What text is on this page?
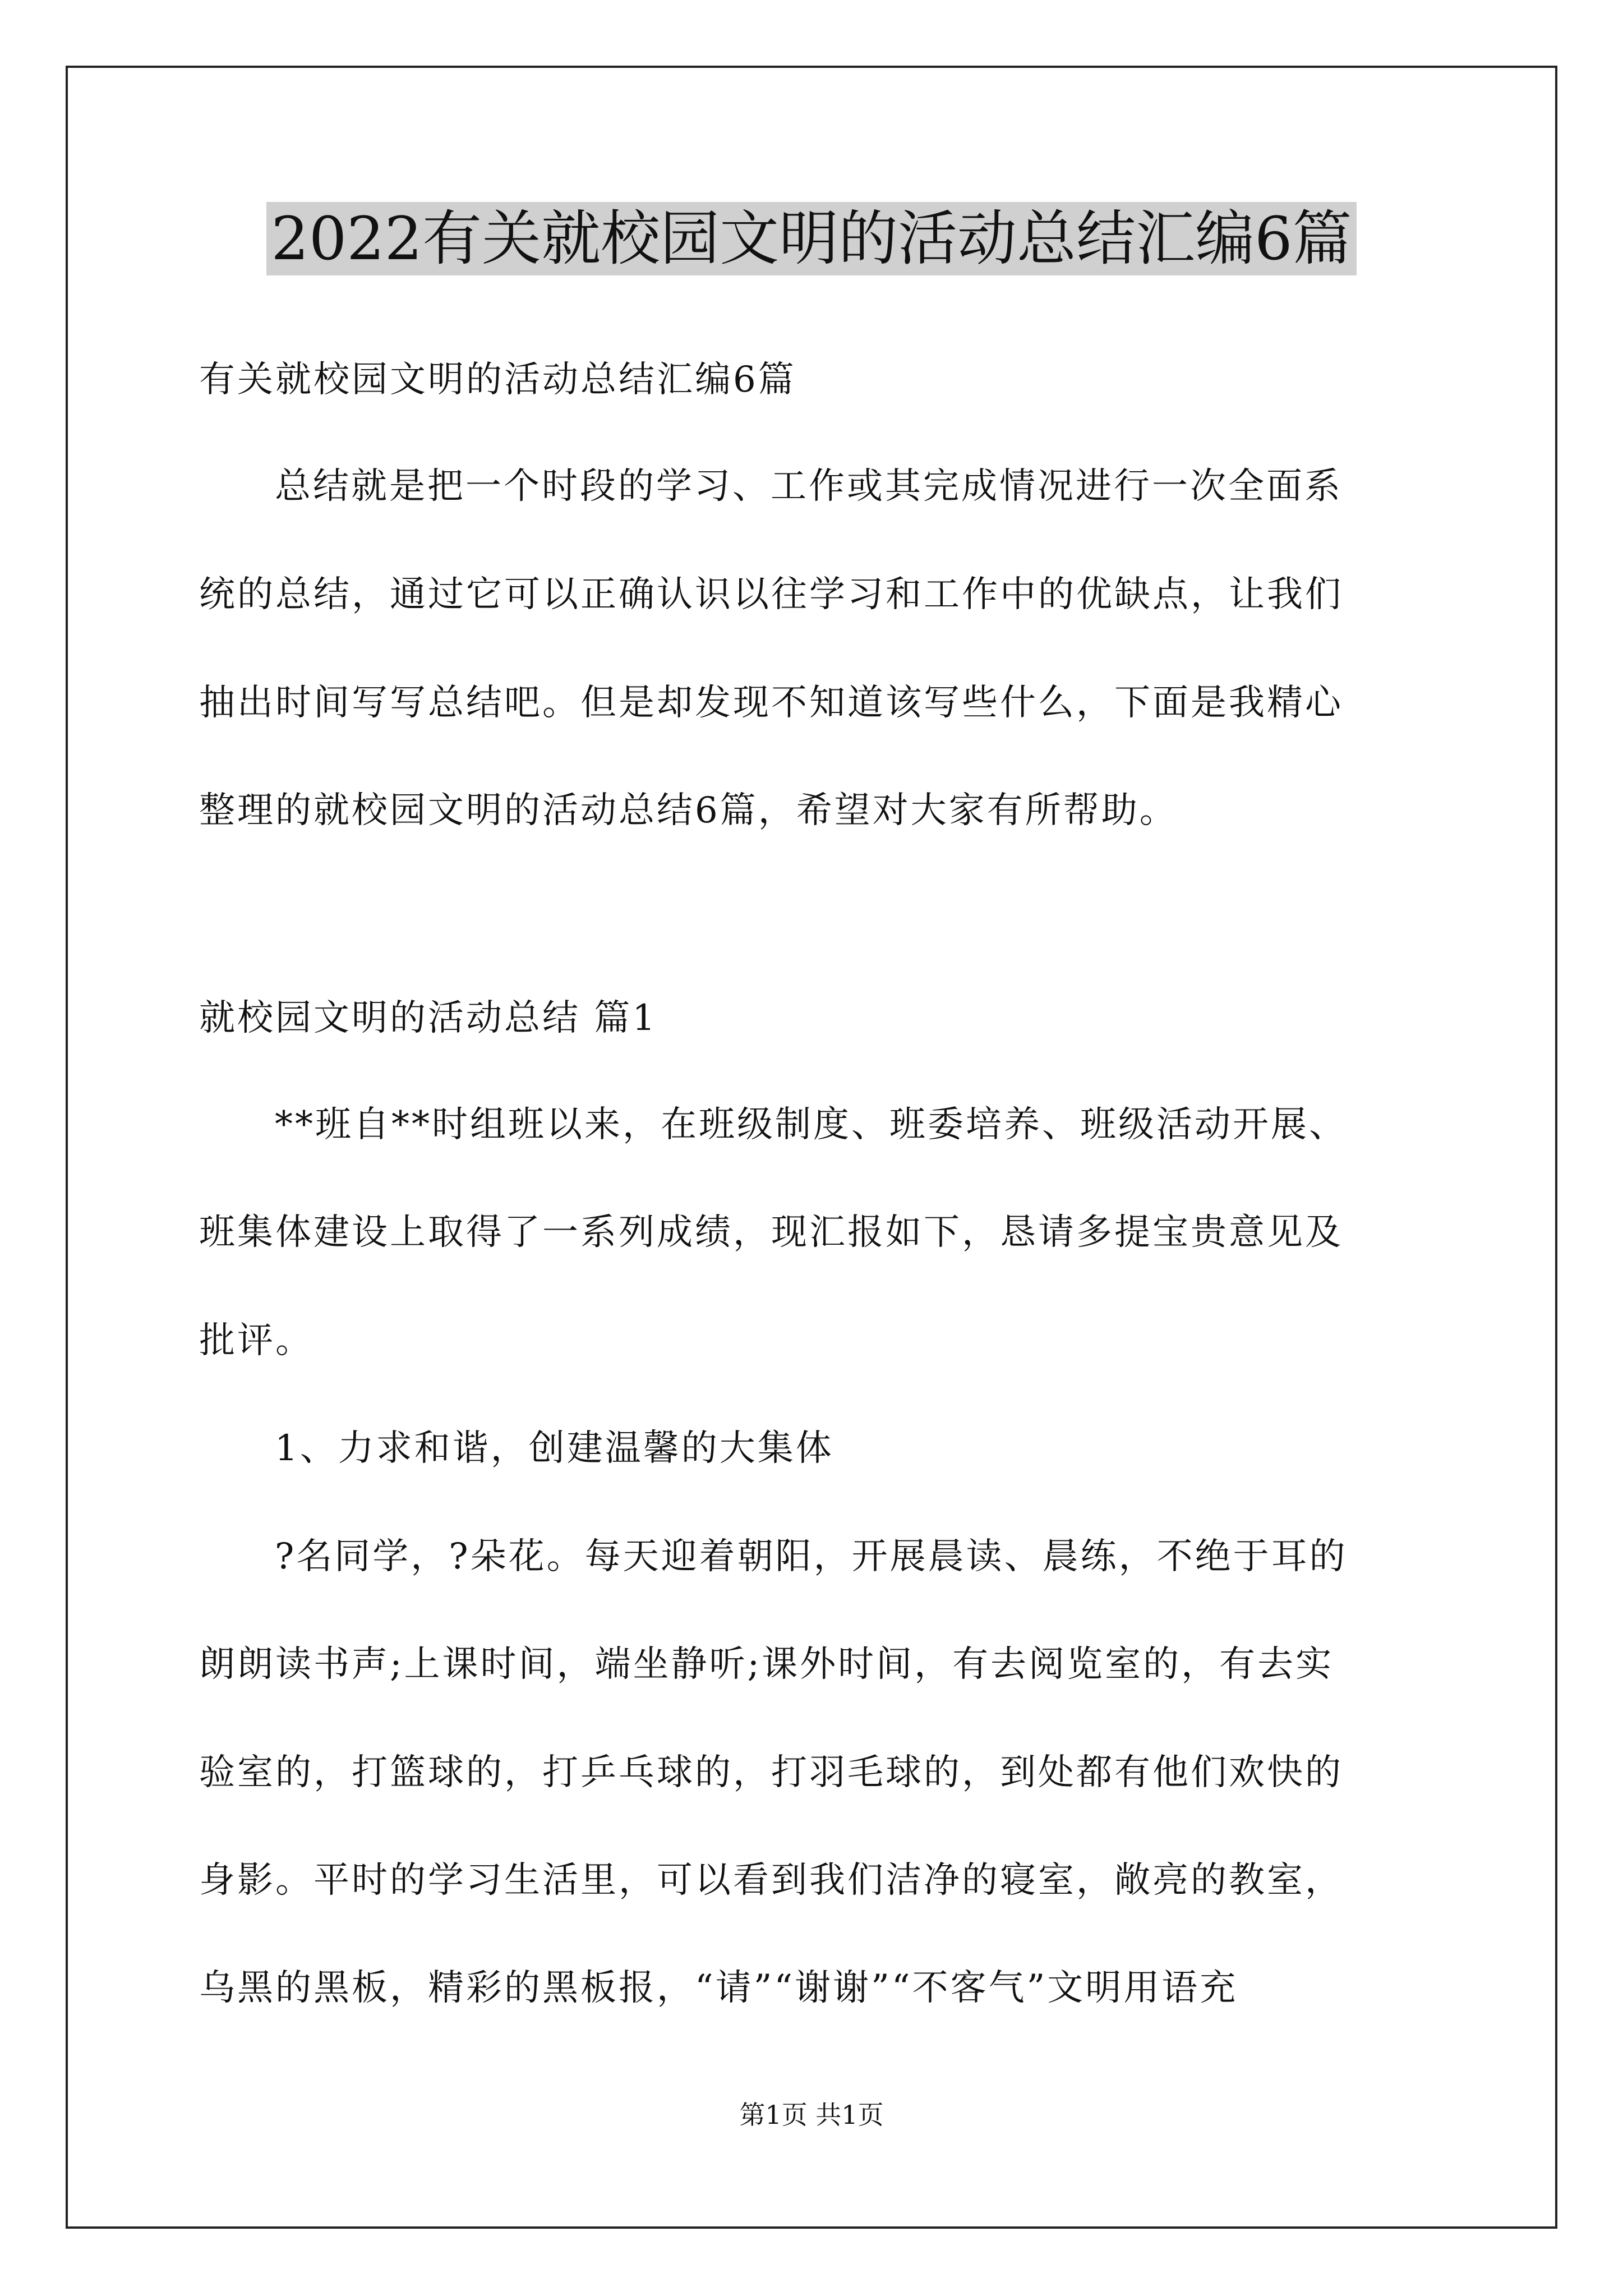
2022有关就校园文明的活动总结汇编6篇
有关就校园文明的活动总结汇编6篇
总结就是把一个时段的学习、工作或其完成情况进行一次全面系
统的总结，通过它可以正确认识以往学习和工作中的优缺点，让我们
抽出时间写写总结吧。但是却发现不知道该写些什么，下面是我精心
整理的就校园文明的活动总结6篇，希望对大家有所帮助。
就校园文明的活动总结 篇1
**班自**时组班以来，在班级制度、班委培养、班级活动开展、
班集体建设上取得了一系列成绩，现汇报如下，恳请多提宝贵意见及
批评。
1、力求和谐，创建温馨的大集体
?名同学，?朵花。每天迎着朝阳，开展晨读、晨练，不绝于耳的
朗朗读书声;上课时间，端坐静听;课外时间，有去阅览室的，有去实
验室的，打篮球的，打乒乓球的，打羽毛球的，到处都有他们欢快的
身影。平时的学习生活里，可以看到我们洁净的寝室，敞亮的教室，
乌黑的黑板，精彩的黑板报，“请”“谢谢”“不客气”文明用语充
第1页 共1页
